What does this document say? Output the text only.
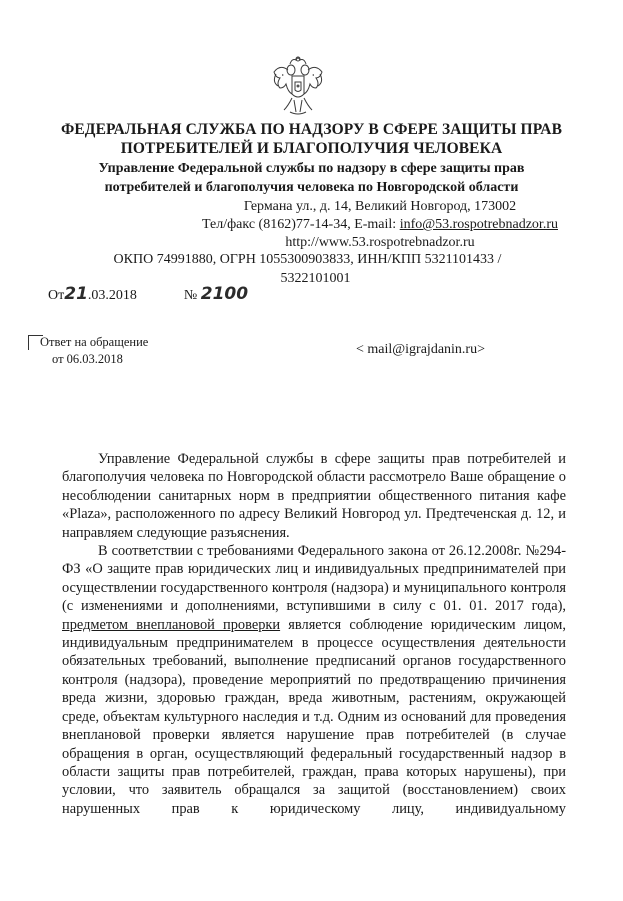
ФЕДЕРАЛЬНАЯ СЛУЖБА ПО НАДЗОРУ В СФЕРЕ ЗАЩИТЫ ПРАВ
ПОТРЕБИТЕЛЕЙ И БЛАГОПОЛУЧИЯ ЧЕЛОВЕКА
Управление Федеральной службы по надзору в сфере защиты прав
потребителей и благополучия человека по Новгородской области
Германа ул., д. 14, Великий Новгород, 173002
Тел/факс (8162)77-14-34, E-mail: info@53.rospotrebnadzor.ru
http://www.53.rospotrebnadzor.ru
ОКПО 74991880, ОГРН 1055300903833, ИНН/КПП 5321101433 /
5322101001
От21.03.2018	№ 2100
Ответ на обращение
от 06.03.2018
< mail@igrajdanin.ru>

Управление Федеральной службы в сфере защиты прав потребителей и благополучия человека по Новгородской области рассмотрело Ваше обращение о несоблюдении санитарных норм в предприятии общественного питания кафе «Plaza», расположенного по адресу Великий Новгород ул. Предтеченская д. 12, и направляем следующие разъяснения.

В соответствии с требованиями Федерального закона от 26.12.2008г. №294-ФЗ «О защите прав юридических лиц и индивидуальных предпринимателей при осуществлении государственного контроля (надзора) и муниципального контроля (с изменениями и дополнениями, вступившими в силу с 01. 01. 2017 года), предметом внеплановой проверки является соблюдение юридическим лицом, индивидуальным предпринимателем в процессе осуществления деятельности обязательных требований, выполнение предписаний органов государственного контроля (надзора), проведение мероприятий по предотвращению причинения вреда жизни, здоровью граждан, вреда животным, растениям, окружающей среде, объектам культурного наследия и т.д. Одним из оснований для проведения внеплановой проверки является нарушение прав потребителей (в случае обращения в орган, осуществляющий федеральный государственный надзор в области защиты прав потребителей, граждан, права которых нарушены), при условии, что заявитель обращался за защитой (восстановлением) своих нарушенных прав к юридическому лицу, индивидуальному
